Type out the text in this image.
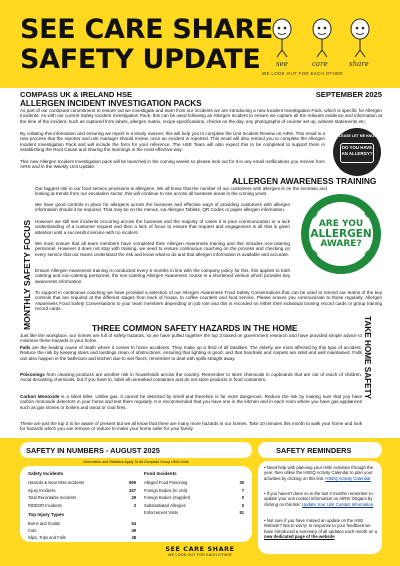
SEE CARE SHARE
SAFETY UPDATE see	care	share
WE LOOK OUT FOR EACH OTHER
COMPASS UK & IRELAND HSE	SEPTEMBER 2025
ALLERGEN INCIDENT INVESTIGATION PACKS
As part of our continued commitment to ensure out we investigate and learn from our incidents we are introducing a new Incident Investigation Pack, which is specific for Allergen Incidents. As with our current Safety Incident Investigation Pack, this can be used following an Allergen Incident to ensure we capture all the relevant evidence and information at the time of the incident, such as captured from labels, allergen matrix, recipe specifications, checks on the day, any photographs of counter set up, witness statements etc.
By collating this information and ensuring we report in a timely manner, this will help you to complete the Unit Incident Review on AIRS. This email is a new process that the reporter and unit manager should review, once an incident is reported. This email will also remind you to complete the Allergen Incident Investigation Pack and will include the form for your reference. The HSE Team will also expect this to be completed to support them in establishing the Root Cause and sharing the learnings in the most effective way.
This new Allergen Incident Investigation pack will be launched in the coming weeks so please look out for it in any email notifications you receive from AIRS and in the Weekly Unit Update.
PLEASE LET ME KNOW
DO YOU HAVE AN ALLERGY?
ALLERGEN AWARENESS TRAINING
MONTHLY SAFETY FOCUS
Our biggest risk in our food service provisions is allergens. We all know that the number of our customers with allergies is on the increase and looking at trends from our escalation sector, this will continue to rise across all business areas in the coming years.
We have good controls in place for allergens across the business and effective ways of providing customers with allergen information should it be required. That may be on the menus, via Allergen Tablets, QR Codes or paper allergen information.
However we still see incidents occurring across the business and the majority of cases it is poor communication or a lack understanding of a customer request and then a lack of focus to ensure that request and engagement is all that is given attention until a successful service with no incident.
We must ensure that all team members have completed their Allergen Awareness training and this includes non-catering personnel. However it does not stop with training, we need to ensure continuous coaching on the process and checking on every service that our teams understand the risk and know what to do and that allergen information is available and accurate.
Ensure Allergen Awareness training is conducted every 6 months in line with the company policy for this, this applies to both catering and non-catering personnel, the non-catering Allergen Awareness course is a shortened version which provides key awareness information.
To support in continuous coaching we have provided a selection of our Allergen Awareness Food Safety Conversations that can be used to remind our teams of the key controls that are required at the different stages from back of house, to coffee counters and food service. Please ensure you communicate to these regularly. Allergen Awareness Food Safety Conversations to your team members depending on job role and this is recorded on either their individual training record cards or group training record cards.
ARE YOU
ALLERGEN
AWARE?
THREE COMMON SAFETY HAZARDS IN THE HOME	TAKE HOME SAFETY
Just like the workplace, our homes are full of safety hazards, so we have pulled together the top 3 based on government research and have provided simple advice to minimise these hazards in your home.
Falls are the leading cause of death where it comes to home accidents. They make up a third of all fatalities. The elderly are most affected by this type of accident. Reduce the risk by keeping stairs and landings clean of obstructions, ensuring that lighting is good, and that handrails and carpets are solid and well maintained. Falls can also happen in the bathroom and kitchen due to wet floors; remember to deal with spills straight away.
Poisonings from cleaning products are another risk in households across the country. Remember to store chemicals in cupboards that are out of reach of children. Avoid decanting chemicals, but if you have to, label all unmarked containers and do not store products in food containers.
Carbon Monoxide is a silent killer. Unlike gas, it cannot be detected by smell and therefore is far more dangerous. Reduce the risk by making sure that you have carbon monoxide detectors in your home and test them regularly. It is recommended that you have one in the kitchen and in each room where you have gas appliances such as gas stoves or boilers and wood or coal fires.
These are just the top 3 to be aware of present but we all know that there are many more hazards in our homes. Take 10 minutes this month to walk your home and look for hazards which you can remove or reduce to make your home safer for your family.
SAFETY IN NUMBERS - AUGUST 2025
Information and Statistics Apply To All Compass Group UK&I Units
Safety Incidents
Hazards & Near Miss Incidents	699
Injury Incidents	247
Total Recordable Incidents	29
RIDDOR Incidents	3
Top Injury Types
Burns and Scalds	54
Cuts	49
Slips, Trips and Falls	48
Food Incidents
Alleged Food Poisoning	30
Foreign Bodies (In Unit)	7
Foreign Bodies (Supplier)	0
Substantiated Allergies	0
Enforcement Visits	81
SAFETY REMINDERS
• Need help with planning your HSE Activities through the year, then utilise the HSEQ Activity Calendar to plan your activities by clicking on this link: HSEQ Activity Calendar
• If you haven't done so in the last 3 months remember to update your unit contact information on AIRS/ Origami by clicking on this link: Update Your Unit Contact Information
• Not sure if you have missed an update on the HSE Website? Not to worry! In response to your feedback we have introduced a summary of all updates each month on a new dedicated page of the website
SEE CARE SHARE
WE LOOK OUT FOR EACH OTHER
